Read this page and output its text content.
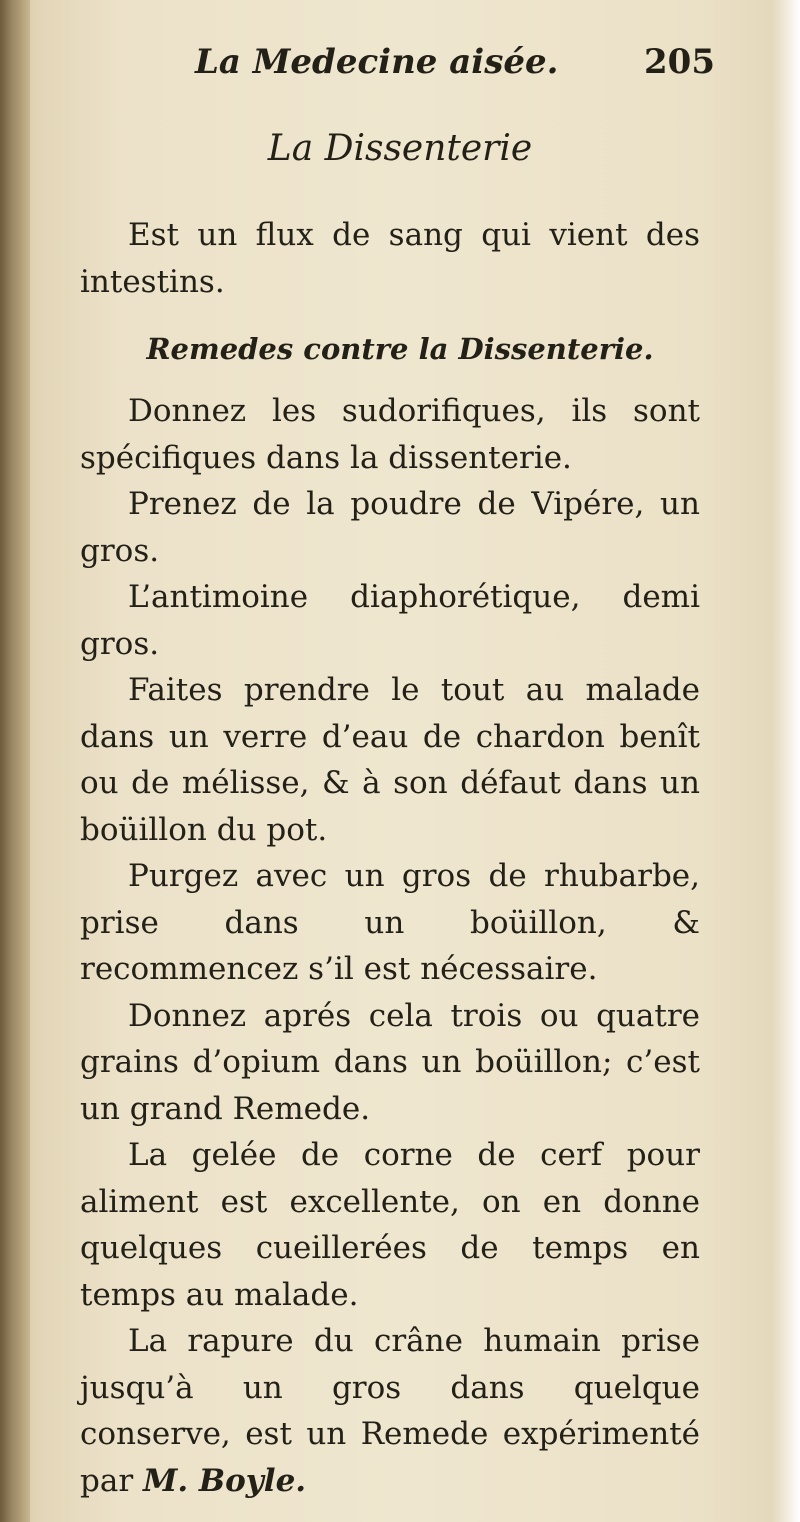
La Medecine aisée.	205
La Dissenterie

Est un flux de sang qui vient des intestins.

Remedes contre la Dissenterie.

Donnez les sudorifiques, ils sont spécifiques dans la dissenterie.

Prenez de la poudre de Vipére, un gros.

L’antimoine diaphorétique, demi gros.

Faites prendre le tout au malade dans un verre d’eau de chardon benît ou de mélisse, & à son défaut dans un boüillon du pot.

Purgez avec un gros de rhubarbe, prise dans un boüillon, & recommencez s’il est nécessaire.

Donnez aprés cela trois ou quatre grains d’opium dans un boüillon; c’est un grand Remede.

La gelée de corne de cerf pour aliment est excellente, on en donne quelques cueillerées de temps en temps au malade.

La rapure du crâne humain prise jusqu’à un gros dans quelque conserve, est un Remede expérimenté par M. Boyle.
